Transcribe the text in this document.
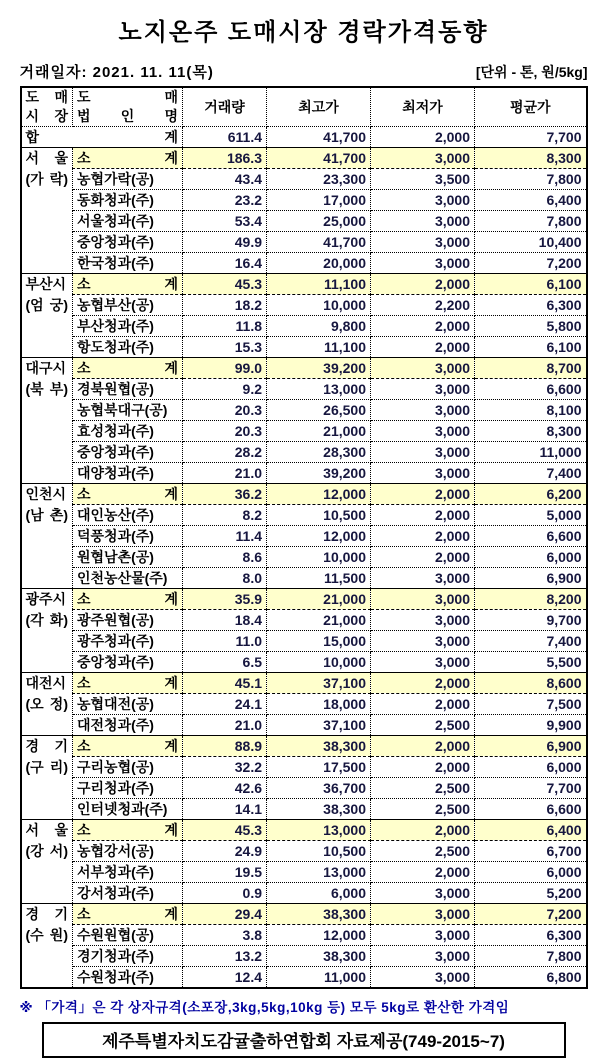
노지온주 도매시장 경락가격동향
거래일자: 2021. 11. 11(목)	[단위 - 톤, 원/5kg]
도 매
시 장	도 매
법 인 명	거래량	최고가	최저가	평균가
합 계		611.4	41,700	2,000	7,700

서 울
(가 락)	소 계	186.3	41,700	3,000	8,300
	농협가락(공)	43.4	23,300	3,500	7,800
	동화청과(주)	23.2	17,000	3,000	6,400
	서울청과(주)	53.4	25,000	3,000	7,800
	중앙청과(주)	49.9	41,700	3,000	10,400
	한국청과(주)	16.4	20,000	3,000	7,200

부산시
(엄 궁)	소 계	45.3	11,100	2,000	6,100
	농협부산(공)	18.2	10,000	2,200	6,300
	부산청과(주)	11.8	9,800	2,000	5,800
	항도청과(주)	15.3	11,100	2,000	6,100

대구시
(북 부)	소 계	99.0	39,200	3,000	8,700
	경북원협(공)	9.2	13,000	3,000	6,600
	농협북대구(공)	20.3	26,500	3,000	8,100
	효성청과(주)	20.3	21,000	3,000	8,300
	중앙청과(주)	28.2	28,300	3,000	11,000
	대양청과(주)	21.0	39,200	3,000	7,400

인천시
(남 촌)	소 계	36.2	12,000	2,000	6,200
	대인농산(주)	8.2	10,500	2,000	5,000
	덕풍청과(주)	11.4	12,000	2,000	6,600
	원협남촌(공)	8.6	10,000	2,000	6,000
	인천농산물(주)	8.0	11,500	3,000	6,900

광주시
(각 화)	소 계	35.9	21,000	3,000	8,200
	광주원협(공)	18.4	21,000	3,000	9,700
	광주청과(주)	11.0	15,000	3,000	7,400
	중앙청과(주)	6.5	10,000	3,000	5,500

대전시
(오 정)	소 계	45.1	37,100	2,000	8,600
	농협대전(공)	24.1	18,000	2,000	7,500
	대전청과(주)	21.0	37,100	2,500	9,900

경 기
(구 리)	소 계	88.9	38,300	2,000	6,900
	구리농협(공)	32.2	17,500	2,000	6,000
	구리청과(주)	42.6	36,700	2,500	7,700
	인터넷청과(주)	14.1	38,300	2,500	6,600

서 울
(강 서)	소 계	45.3	13,000	2,000	6,400
	농협강서(공)	24.9	10,500	2,500	6,700
	서부청과(주)	19.5	13,000	2,000	6,000
	강서청과(주)	0.9	6,000	3,000	5,200

경 기
(수 원)	소 계	29.4	38,300	3,000	7,200
	수원원협(공)	3.8	12,000	3,000	6,300
	경기청과(주)	13.2	38,300	3,000	7,800
	수원청과(주)	12.4	11,000	3,000	6,800
※ 「가격」은 각 상자규격(소포장,3kg,5kg,10kg 등) 모두 5kg로 환산한 가격임
제주특별자치도감귤출하연합회 자료제공(749-2015~7)
